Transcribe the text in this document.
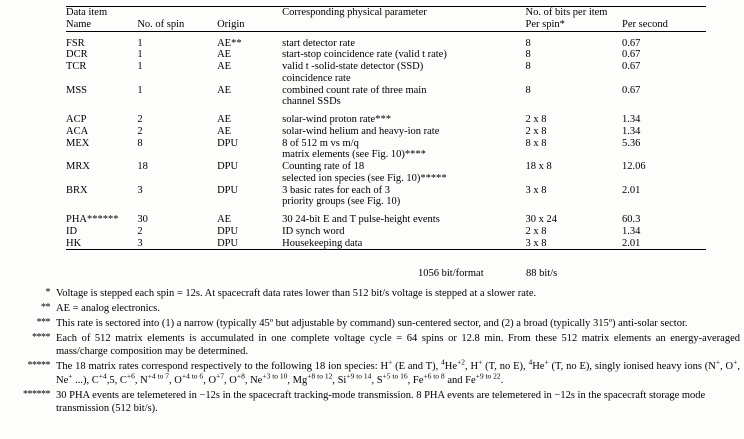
Data item			Corresponding physical parameter	No. of bits per item	
Name	No. of spin	Origin		Per spin*	Per second

FSR	1	AE**	start detector rate	8	0.67
DCR	1	AE	start-stop coincidence rate (valid t rate)	8	0.67
TCR	1	AE	valid t -solid-state detector (SSD)	8	0.67
			coincidence rate		
MSS	1	AE	combined count rate of three main	8	0.67
			channel SSDs		

ACP	2	AE	solar-wind proton rate***	2 x 8	1.34
ACA	2	AE	solar-wind helium and heavy-ion rate	2 x 8	1.34
MEX	8	DPU	8 of 512 m vs m/q	8 x 8	5.36
			matrix elements (see Fig. 10)****		
MRX	18	DPU	Counting rate of 18	18 x 8	12.06
			selected ion species (see Fig. 10)*****		
BRX	3	DPU	3 basic rates for each of 3	3 x 8	2.01
			priority groups (see Fig. 10)		

PHA******	30	AE	30 24-bit E and T pulse-height events	30 x 24	60.3
ID	2	DPU	ID synch word	2 x 8	1.34
HK	3	DPU	Housekeeping data	3 x 8	2.01

1056 bit/format	88 bit/s
* Voltage is stepped each spin = 12s. At spacecraft data rates lower than 512 bit/s voltage is stepped at a slower rate.
** AE = analog electronics.
*** This rate is sectored into (1) a narrow (typically 45º but adjustable by command) sun-centered sector, and (2) a broad (typically 315º) anti-solar sector.
**** Each of 512 matrix elements is accumulated in one complete voltage cycle = 64 spins or 12.8 min. From these 512 matrix elements an energy-averaged mass/charge composition may be determined.
***** The 18 matrix rates correspond respectively to the following 18 ion species: H+ (E and T), $^4He^{+2}$, H+ (T, no E), $^4$He+ (T, no E), singly ionised heavy ions (N+, O+, Ne+ ...), $C^{+4},5$, $C^{+6}$, $N^{+4 to 7}$, $O^{+4 to 6}$, $O^{+7}$, $O^{+8}$, $Ne^{+3 to 10}$, $Mg^{+8 to 12}$, $Si^{+9 to 14}$, $S^{+5 to 16}$, $Fe^{+6 to 8}$ and $Fe^{+9 to 22}$.
****** 30 PHA events are telemetered in −12s in the spacecraft tracking-mode transmission. 8 PHA events are telemetered in −12s in the spacecraft storage mode transmission (512 bit/s).
